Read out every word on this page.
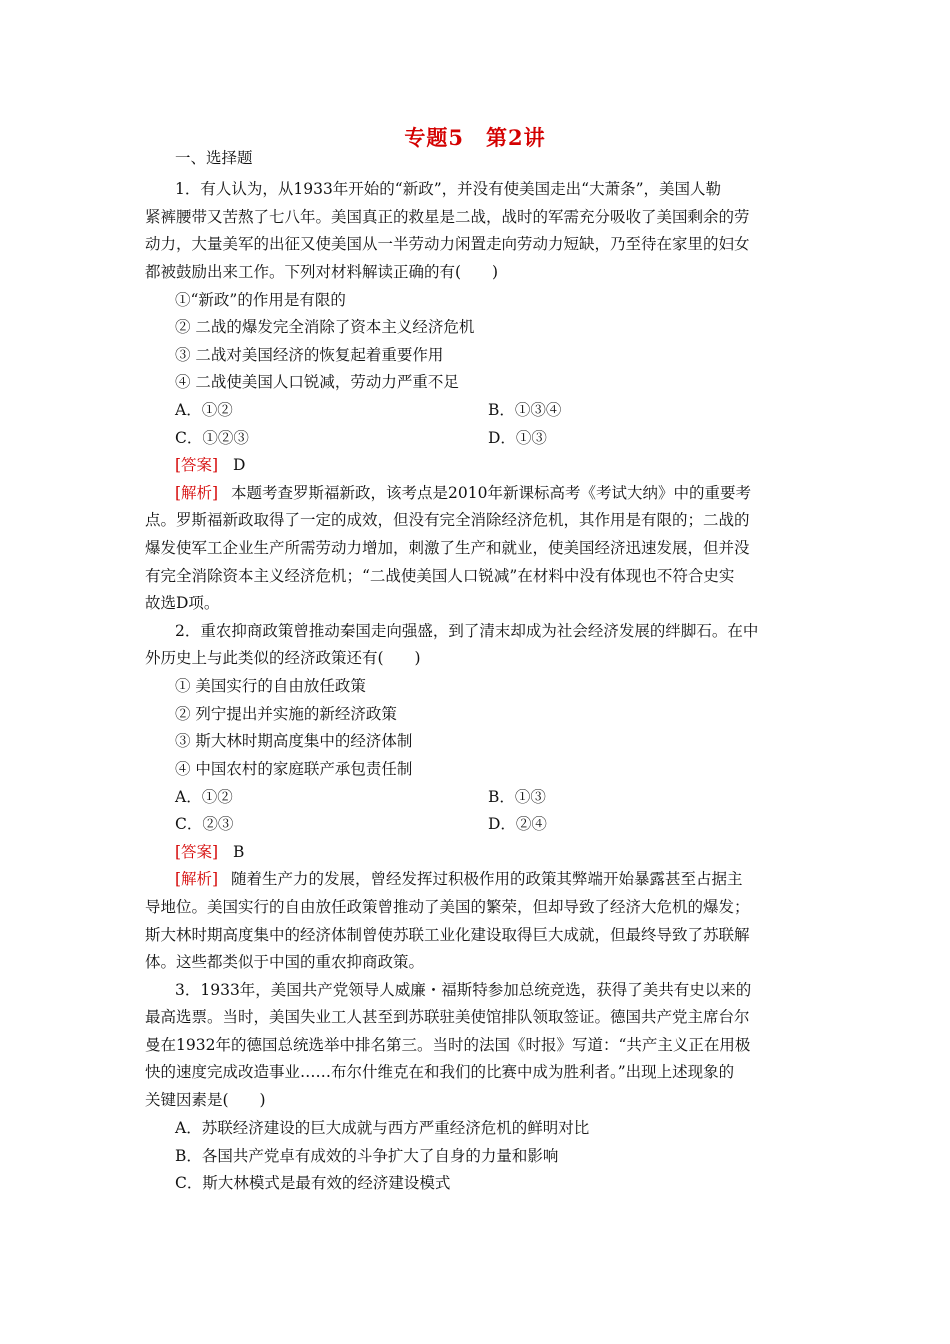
专题5　第2讲
一、选择题
1．有人认为，从1933年开始的“新政”，并没有使美国走出“大萧条”，美国人勒
紧裤腰带又苦熬了七八年。美国真正的救星是二战，战时的军需充分吸收了美国剩余的劳
动力，大量美军的出征又使美国从一半劳动力闲置走向劳动力短缺，乃至待在家里的妇女
都被鼓励出来工作。下列对材料解读正确的有(　　)
①“新政”的作用是有限的
② 二战的爆发完全消除了资本主义经济危机
③ 二战对美国经济的恢复起着重要作用
④ 二战使美国人口锐减，劳动力严重不足
A．①②	B．①③④
C．①②③	D．①③
[答案] D
[解析] 本题考查罗斯福新政，该考点是2010年新课标高考《考试大纳》中的重要考
点。罗斯福新政取得了一定的成效，但没有完全消除经济危机，其作用是有限的；二战的
爆发使军工企业生产所需劳动力增加，刺激了生产和就业，使美国经济迅速发展，但并没
有完全消除资本主义经济危机；“二战使美国人口锐减”在材料中没有体现也不符合史实
故选D项。
2．重农抑商政策曾推动秦国走向强盛，到了清末却成为社会经济发展的绊脚石。在中
外历史上与此类似的经济政策还有(　　)
① 美国实行的自由放任政策
② 列宁提出并实施的新经济政策
③ 斯大林时期高度集中的经济体制
④ 中国农村的家庭联产承包责任制
A．①②	B．①③
C．②③	D．②④
[答案] B
[解析] 随着生产力的发展，曾经发挥过积极作用的政策其弊端开始暴露甚至占据主
导地位。美国实行的自由放任政策曾推动了美国的繁荣，但却导致了经济大危机的爆发；
斯大林时期高度集中的经济体制曾使苏联工业化建设取得巨大成就，但最终导致了苏联解
体。这些都类似于中国的重农抑商政策。
3．1933年，美国共产党领导人威廉・福斯特参加总统竞选，获得了美共有史以来的
最高选票。当时，美国失业工人甚至到苏联驻美使馆排队领取签证。德国共产党主席台尔
曼在1932年的德国总统选举中排名第三。当时的法国《时报》写道：“共产主义正在用极
快的速度完成改造事业……布尔什维克在和我们的比赛中成为胜利者。”出现上述现象的
关键因素是(　　)
A．苏联经济建设的巨大成就与西方严重经济危机的鲜明对比
B．各国共产党卓有成效的斗争扩大了自身的力量和影响
C．斯大林模式是最有效的经济建设模式
